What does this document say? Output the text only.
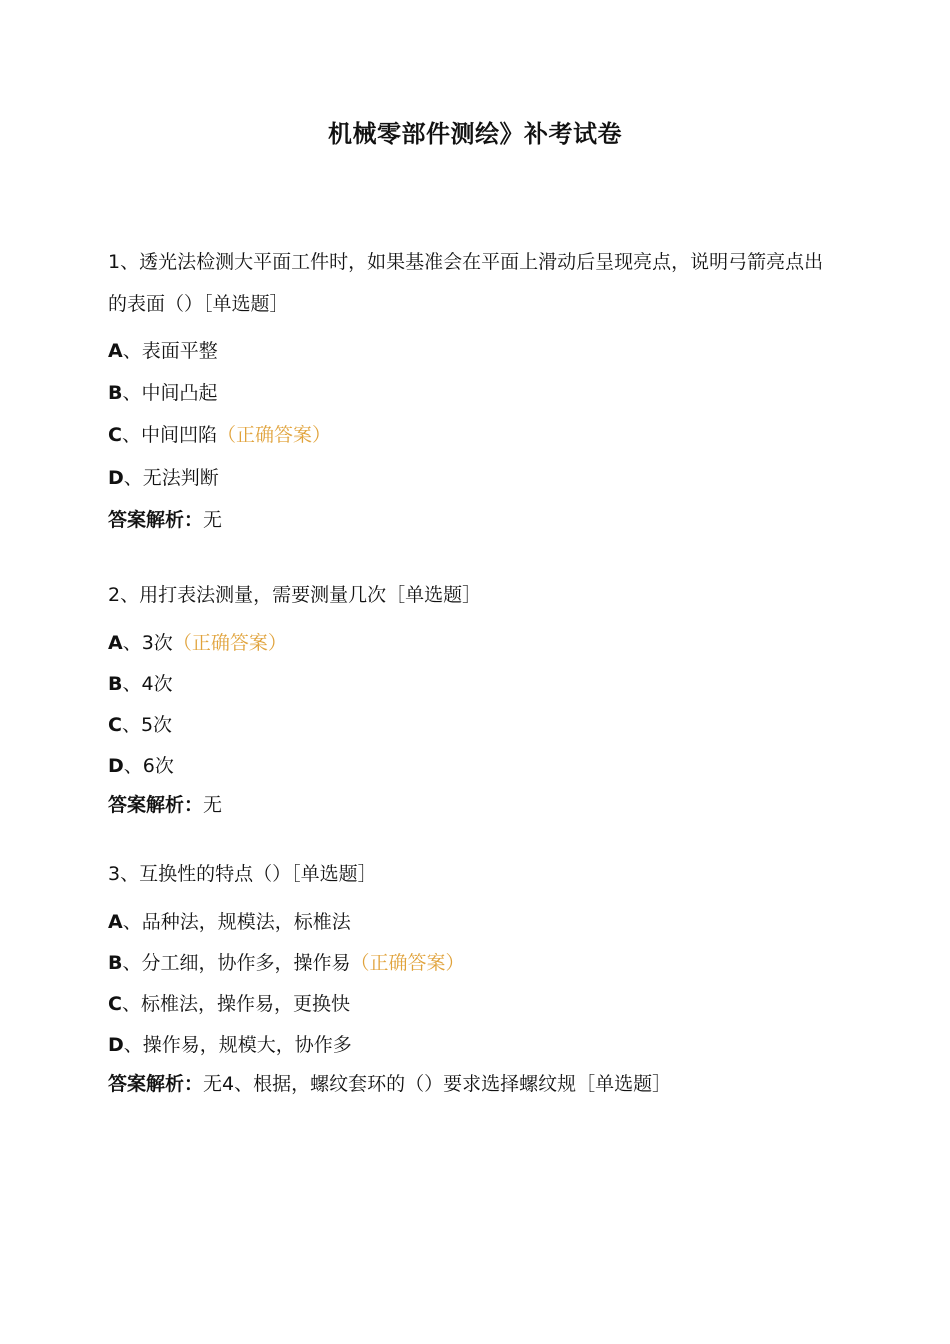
机械零部件测绘》补考试卷
1、透光法检测大平面工件时，如果基准会在平面上滑动后呈现亮点，说明弓箭亮点出的表面（）［单选题］
A、表面平整
B、中间凸起
C、中间凹陷（正确答案）
D、无法判断
答案解析：无
2、用打表法测量，需要测量几次［单选题］
A、3次（正确答案）
B、4次
C、5次
D、6次
答案解析：无
3、互换性的特点（）［单选题］
A、品种法，规模法，标椎法
B、分工细，协作多，操作易（正确答案）
C、标椎法，操作易，更换快
D、操作易，规模大，协作多
答案解析：无4、根据，螺纹套环的（）要求选择螺纹规［单选题］
